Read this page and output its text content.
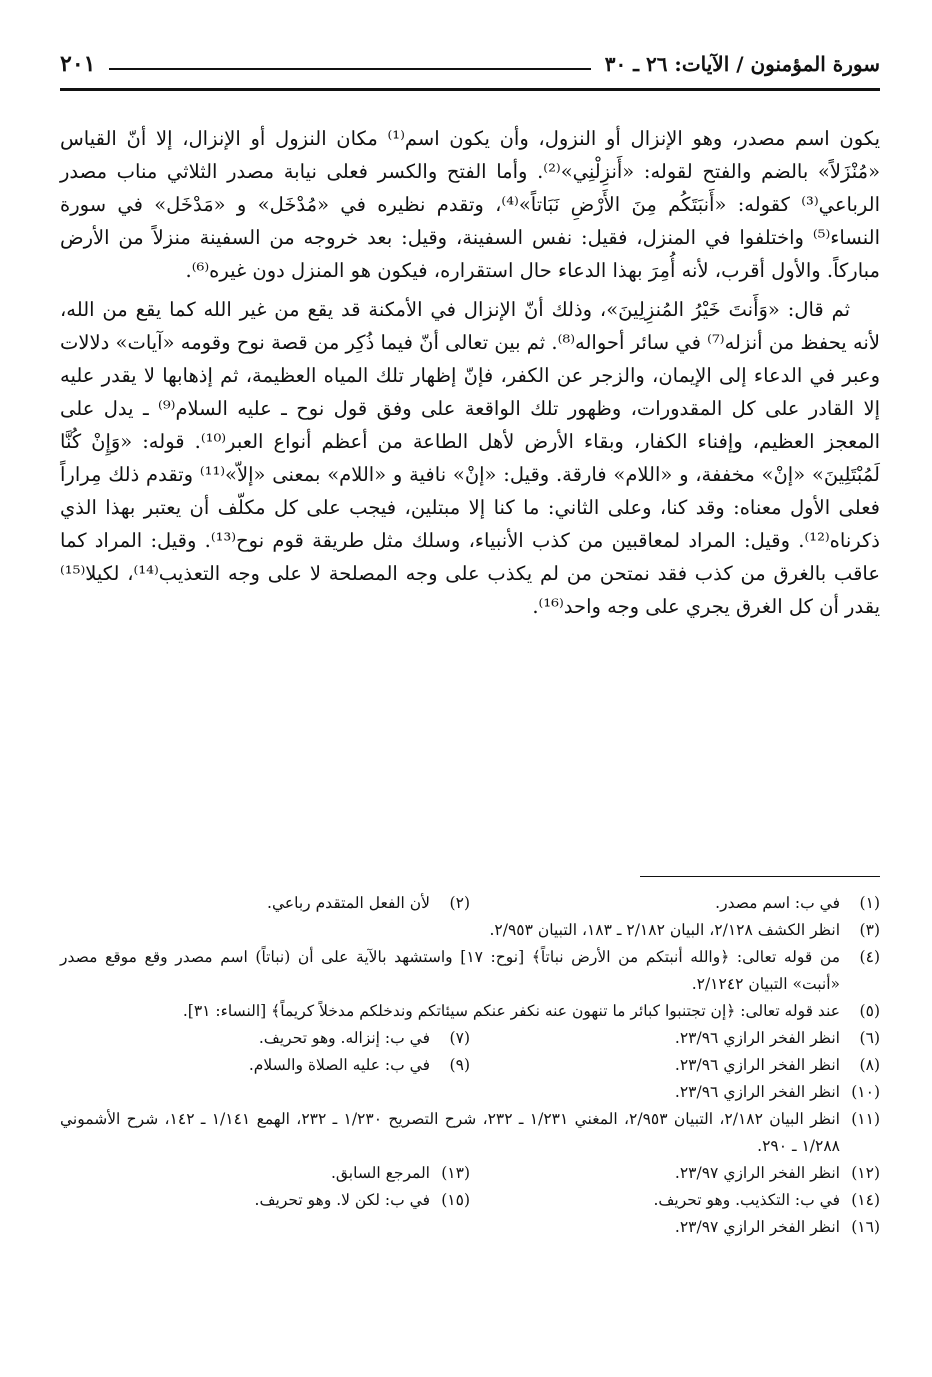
سورة المؤمنون / الآيات: ٢٦ ـ ٣٠
٢٠١

يكون اسم مصدر، وهو الإنزال أو النزول، وأن يكون اسم⁽¹⁾ مكان النزول أو الإنزال، إلا أنّ القياس «مُنْزَلاً» بالضم والفتح لقوله: «أَنزِلْنِي»⁽²⁾. وأما الفتح والكسر فعلى نيابة مصدر الثلاثي مناب مصدر الرباعي⁽³⁾ كقوله: «أَنبَتَكُم مِنَ الأَرْضِ نَبَاتاً»⁽⁴⁾، وتقدم نظيره في «مُدْخَل» و «مَدْخَل» في سورة النساء⁽⁵⁾ واختلفوا في المنزل، فقيل: نفس السفينة، وقيل: بعد خروجه من السفينة منزلاً من الأرض مباركاً. والأول أقرب، لأنه أُمِرَ بهذا الدعاء حال استقراره، فيكون هو المنزل دون غيره⁽⁶⁾.

ثم قال: «وَأَنتَ خَيْرُ المُنزِلِينَ»، وذلك أنّ الإنزال في الأمكنة قد يقع من غير الله كما يقع من الله، لأنه يحفظ من أنزله⁽⁷⁾ في سائر أحواله⁽⁸⁾. ثم بين تعالى أنّ فيما ذُكِر من قصة نوح وقومه «آيات» دلالات وعبر في الدعاء إلى الإيمان، والزجر عن الكفر، فإنّ إظهار تلك المياه العظيمة، ثم إذهابها لا يقدر عليه إلا القادر على كل المقدورات، وظهور تلك الواقعة على وفق قول نوح ـ عليه السلام⁽⁹⁾ ـ يدل على المعجز العظيم، وإفناء الكفار، وبقاء الأرض لأهل الطاعة من أعظم أنواع العبر⁽¹⁰⁾. قوله: «وَإِنْ كُنَّا لَمُبْتَلِينَ» «إنْ» مخففة، و «اللام» فارقة. وقيل: «إنْ» نافية و «اللام» بمعنى «إلاّ»⁽¹¹⁾ وتقدم ذلك مِراراً فعلى الأول معناه: وقد كنا، وعلى الثاني: ما كنا إلا مبتلين، فيجب على كل مكلّف أن يعتبر بهذا الذي ذكرناه⁽¹²⁾. وقيل: المراد لمعاقبين من كذب الأنبياء، وسلك مثل طريقة قوم نوح⁽¹³⁾. وقيل: المراد كما عاقب بالغرق من كذب فقد نمتحن من لم يكذب على وجه المصلحة لا على وجه التعذيب⁽¹⁴⁾، لكيلا⁽¹⁵⁾ يقدر أن كل الغرق يجري على وجه واحد⁽¹⁶⁾.

(١)
في ب: اسم مصدر.
(٢)
لأن الفعل المتقدم رباعي.
(٣)
انظر الكشف ٢/١٢٨، البيان ٢/١٨٢ ـ ١٨٣، التبيان ٢/٩٥٣.
(٤)
من قوله تعالى: ﴿والله أنبتكم من الأرض نباتاً﴾ [نوح: ١٧] واستشهد بالآية على أن (نباتاً) اسم مصدر وقع موقع مصدر «أنبت» التبيان ٢/١٢٤٢.
(٥)
عند قوله تعالى: ﴿إن تجتنبوا كبائر ما تنهون عنه نكفر عنكم سيئاتكم وندخلكم مدخلاً كريماً﴾ [النساء: ٣١].
(٦)
انظر الفخر الرازي ٢٣/٩٦.
(٧)
في ب: إنزاله. وهو تحريف.
(٨)
انظر الفخر الرازي ٢٣/٩٦.
(٩)
في ب: عليه الصلاة والسلام.
(١٠)
انظر الفخر الرازي ٢٣/٩٦.
(١١)
انظر البيان ٢/١٨٢، التبيان ٢/٩٥٣، المغني ١/٢٣١ ـ ٢٣٢، شرح التصريح ١/٢٣٠ ـ ٢٣٢، الهمع ١/١٤١ ـ ١٤٢، شرح الأشموني ١/٢٨٨ ـ ٢٩٠.
(١٢)
انظر الفخر الرازي ٢٣/٩٧.
(١٣)
المرجع السابق.
(١٤)
في ب: التكذيب. وهو تحريف.
(١٥)
في ب: لكن لا. وهو تحريف.
(١٦)
انظر الفخر الرازي ٢٣/٩٧.
